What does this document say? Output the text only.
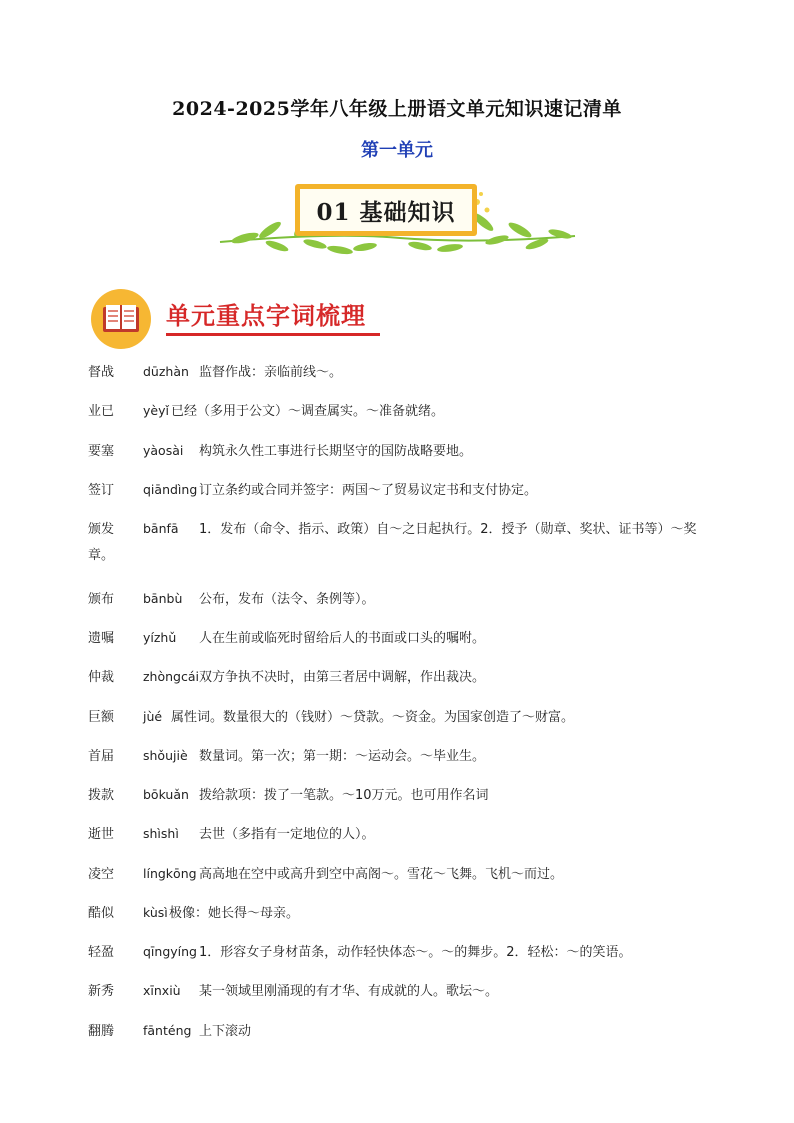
2024-2025学年八年级上册语文单元知识速记清单
第一单元
01 基础知识
单元重点字词梳理
督战 dūzhàn 监督作战：亲临前线～。
业已 yèyǐ 已经（多用于公文）～调查属实。～准备就绪。
要塞 yàosài 构筑永久性工事进行长期坚守的国防战略要地。
签订 qiāndìng 订立条约或合同并签字：两国～了贸易议定书和支付协定。
颁发 bānfā 1．发布（命令、指示、政策）自～之日起执行。2．授予（勋章、奖状、证书等）～奖
章。
颁布 bānbù 公布，发布（法令、条例等）。
遗嘱 yízhǔ 人在生前或临死时留给后人的书面或口头的嘱咐。
仲裁 zhòngcái双方争执不决时，由第三者居中调解，作出裁决。
巨额 jùé 属性词。数量很大的（钱财）～贷款。～资金。为国家创造了～财富。
首届 shǒujiè 数量词。第一次；第一期：～运动会。～毕业生。
拨款 bōkuǎn 拨给款项：拨了一笔款。～10万元。也可用作名词
逝世 shìshì 去世（多指有一定地位的人）。
凌空 língkōng 高高地在空中或高升到空中高阁～。雪花～飞舞。飞机～而过。
酷似 kùsì极像：她长得～母亲。
轻盈 qīngyíng 1．形容女子身材苗条，动作轻快体态～。～的舞步。2．轻松：～的笑语。
新秀 xīnxiù 某一领域里刚涌现的有才华、有成就的人。歌坛～。
翻腾 fānténg 上下滚动
